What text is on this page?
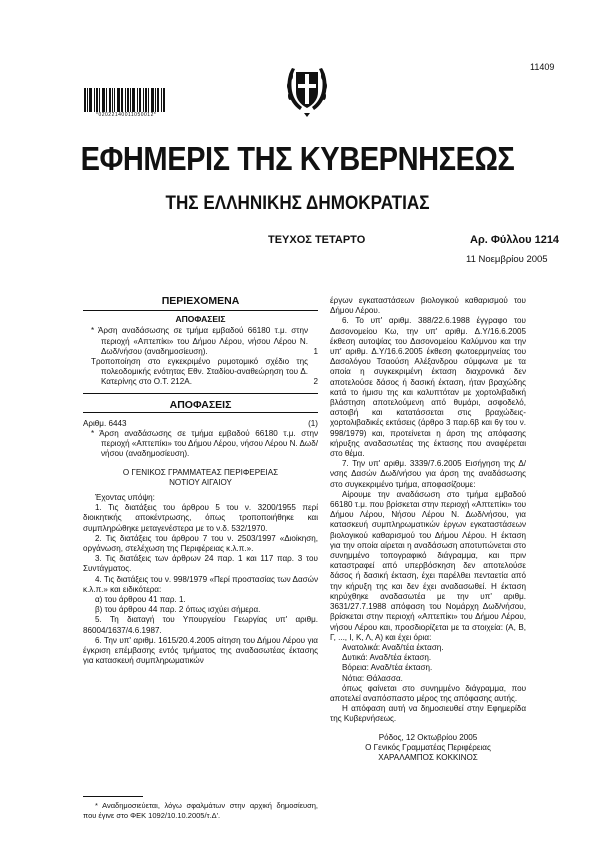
11409
*02022140011050012*
ΕΦΗΜΕΡΙΣ ΤΗΣ ΚΥΒΕΡΝΗΣΕΩΣ
ΤΗΣ ΕΛΛΗΝΙΚΗΣ ΔΗΜΟΚΡΑΤΙΑΣ
ΤΕΥΧΟΣ ΤΕΤΑΡΤΟ	Αρ. Φύλλου 1214
11 Νοεμβρίου 2005
ΠΕΡΙΕΧΟΜΕΝΑ
ΑΠΟΦΑΣΕΙΣ
* Άρση αναδάσωσης σε τμήμα εμβαδού 66180 τ.μ. στην περιοχή «Απτεπίκι» του Δήμου Λέρου, νήσου Λέρου Ν. Δωδ/νήσου (αναδημοσίευση).	1
Τροποποίηση στο εγκεκριμένο ρυμοτομικό σχέδιο της πολεοδομικής ενότητας Εθν. Σταδίου-αναθεώρηση του Δ. Κατερίνης στο Ο.Τ. 212Α.	2
ΑΠΟΦΑΣΕΙΣ
Αριθμ. 6443	(1)

* Άρση αναδάσωσης σε τμήμα εμβαδού 66180 τ.μ. στην περιοχή «Απτεπίκι» του Δήμου Λέρου, νήσου Λέρου Ν. Δωδ/νήσου (αναδημοσίευση).

Ο ΓΕΝΙΚΟΣ ΓΡΑΜΜΑΤΕΑΣ ΠΕΡΙΦΕΡΕΙΑΣ

ΝΟΤΙΟΥ ΑΙΓΑΙΟΥ

Έχοντας υπόψη:

1. Τις διατάξεις του άρθρου 5 του ν. 3200/1955 περί διοικητικής αποκέντρωσης, όπως τροποποιήθηκε και συμπληρώθηκε μεταγενέστερα με το ν.δ. 532/1970.

2. Τις διατάξεις του άρθρου 7 του ν. 2503/1997 «Διοίκηση, οργάνωση, στελέχωση της Περιφέρειας κ.λ.π.».

3. Τις διατάξεις των άρθρων 24 παρ. 1 και 117 παρ. 3 του Συντάγματος.

4. Τις διατάξεις του ν. 998/1979 «Περί προστασίας των Δασών κ.λ.π.» και ειδικότερα:

α) του άρθρου 41 παρ. 1.

β) του άρθρου 44 παρ. 2 όπως ισχύει σήμερα.

5. Τη διαταγή του Υπουργείου Γεωργίας υπ' αριθμ. 86004/1637/4.6.1987.

6. Την υπ' αριθμ. 1615/20.4.2005 αίτηση του Δήμου Λέρου για έγκριση επέμβασης εντός τμήματος της αναδασωτέας έκτασης για κατασκευή συμπληρωματικών

* Αναδημοσιεύεται, λόγω σφαλμάτων στην αρχική δημοσίευση, που έγινε στο ΦΕΚ 1092/10.10.2005/τ.Δ'.

έργων εγκαταστάσεων βιολογικού καθαρισμού του Δήμου Λέρου.

6. Το υπ' αριθμ. 388/22.6.1988 έγγραφο του Δασονομείου Κω, την υπ' αριθμ. Δ.Υ/16.6.2005 έκθεση αυτοψίας του Δασονομείου Καλύμνου και την υπ' αριθμ. Δ.Υ/16.6.2005 έκθεση φωτοερμηνείας του Δασολόγου Τσαούση Αλέξανδρου σύμφωνα με τα οποία η συγκεκριμένη έκταση διαχρονικά δεν αποτελούσε δάσος ή δασική έκταση, ήταν βραχώδης κατά το ήμισυ της και καλυπτόταν με χορτολιβαδική βλάστηση αποτελούμενη από θυμάρι, ασφοδελό, αστοιβή και κατατάσσεται στις βραχώδεις-χορτολιβαδικές εκτάσεις (άρθρο 3 παρ.6β και 6γ του ν. 998/1979) και, προτείνεται η άρση της απόφασης κήρυξης αναδασωτέας της έκτασης που αναφέρεται στο θέμα.

7. Την υπ' αριθμ. 3339/7.6.2005 Εισήγηση της Δ/νσης Δασών Δωδ/νήσου για άρση της αναδάσωσης στο συγκεκριμένο τμήμα, αποφασίζουμε:

Αίρουμε την αναδάσωση στο τμήμα εμβαδού 66180 τ.μ. που βρίσκεται στην περιοχή «Απτεπίκι» του Δήμου Λέρου, Νήσου Λέρου Ν. Δωδ/νήσου, για κατασκευή συμπληρωματικών έργων εγκαταστάσεων βιολογικού καθαρισμού του Δήμου Λέρου. Η έκταση για την οποία αίρεται η αναδάσωση αποτυπώνεται στο συνημμένο τοπογραφικό διάγραμμα, και πριν καταστραφεί από υπερβόσκηση δεν αποτελούσε δάσος ή δασική έκταση, έχει παρέλθει πενταετία από την κήρυξη της και δεν έχει αναδασωθεί. Η έκταση κηρύχθηκε αναδασωτέα με την υπ' αριθμ. 3631/27.7.1988 απόφαση του Νομάρχη Δωδ/νήσου, βρίσκεται στην περιοχή «Απτεπίκι» του Δήμου Λέρου, νήσου Λέρου και, προσδιορίζεται με τα στοιχεία: (Α, Β, Γ, ..., Ι, Κ, Λ, Α) και έχει όρια:

Ανατολικά: Αναδ/τέα έκταση.

Δυτικά: Αναδ/τέα έκταση.

Βόρεια: Αναδ/τέα έκταση.

Νότια: Θάλασσα.

όπως φαίνεται στο συνημμένο διάγραμμα, που αποτελεί αναπόσπαστο μέρος της απόφασης αυτής.

Η απόφαση αυτή να δημοσιευθεί στην Εφημερίδα της Κυβερνήσεως.

Ρόδος, 12 Οκτωβρίου 2005

Ο Γενικός Γραμματέας Περιφέρειας

ΧΑΡΑΛΑΜΠΟΣ ΚΟΚΚΙΝΟΣ
